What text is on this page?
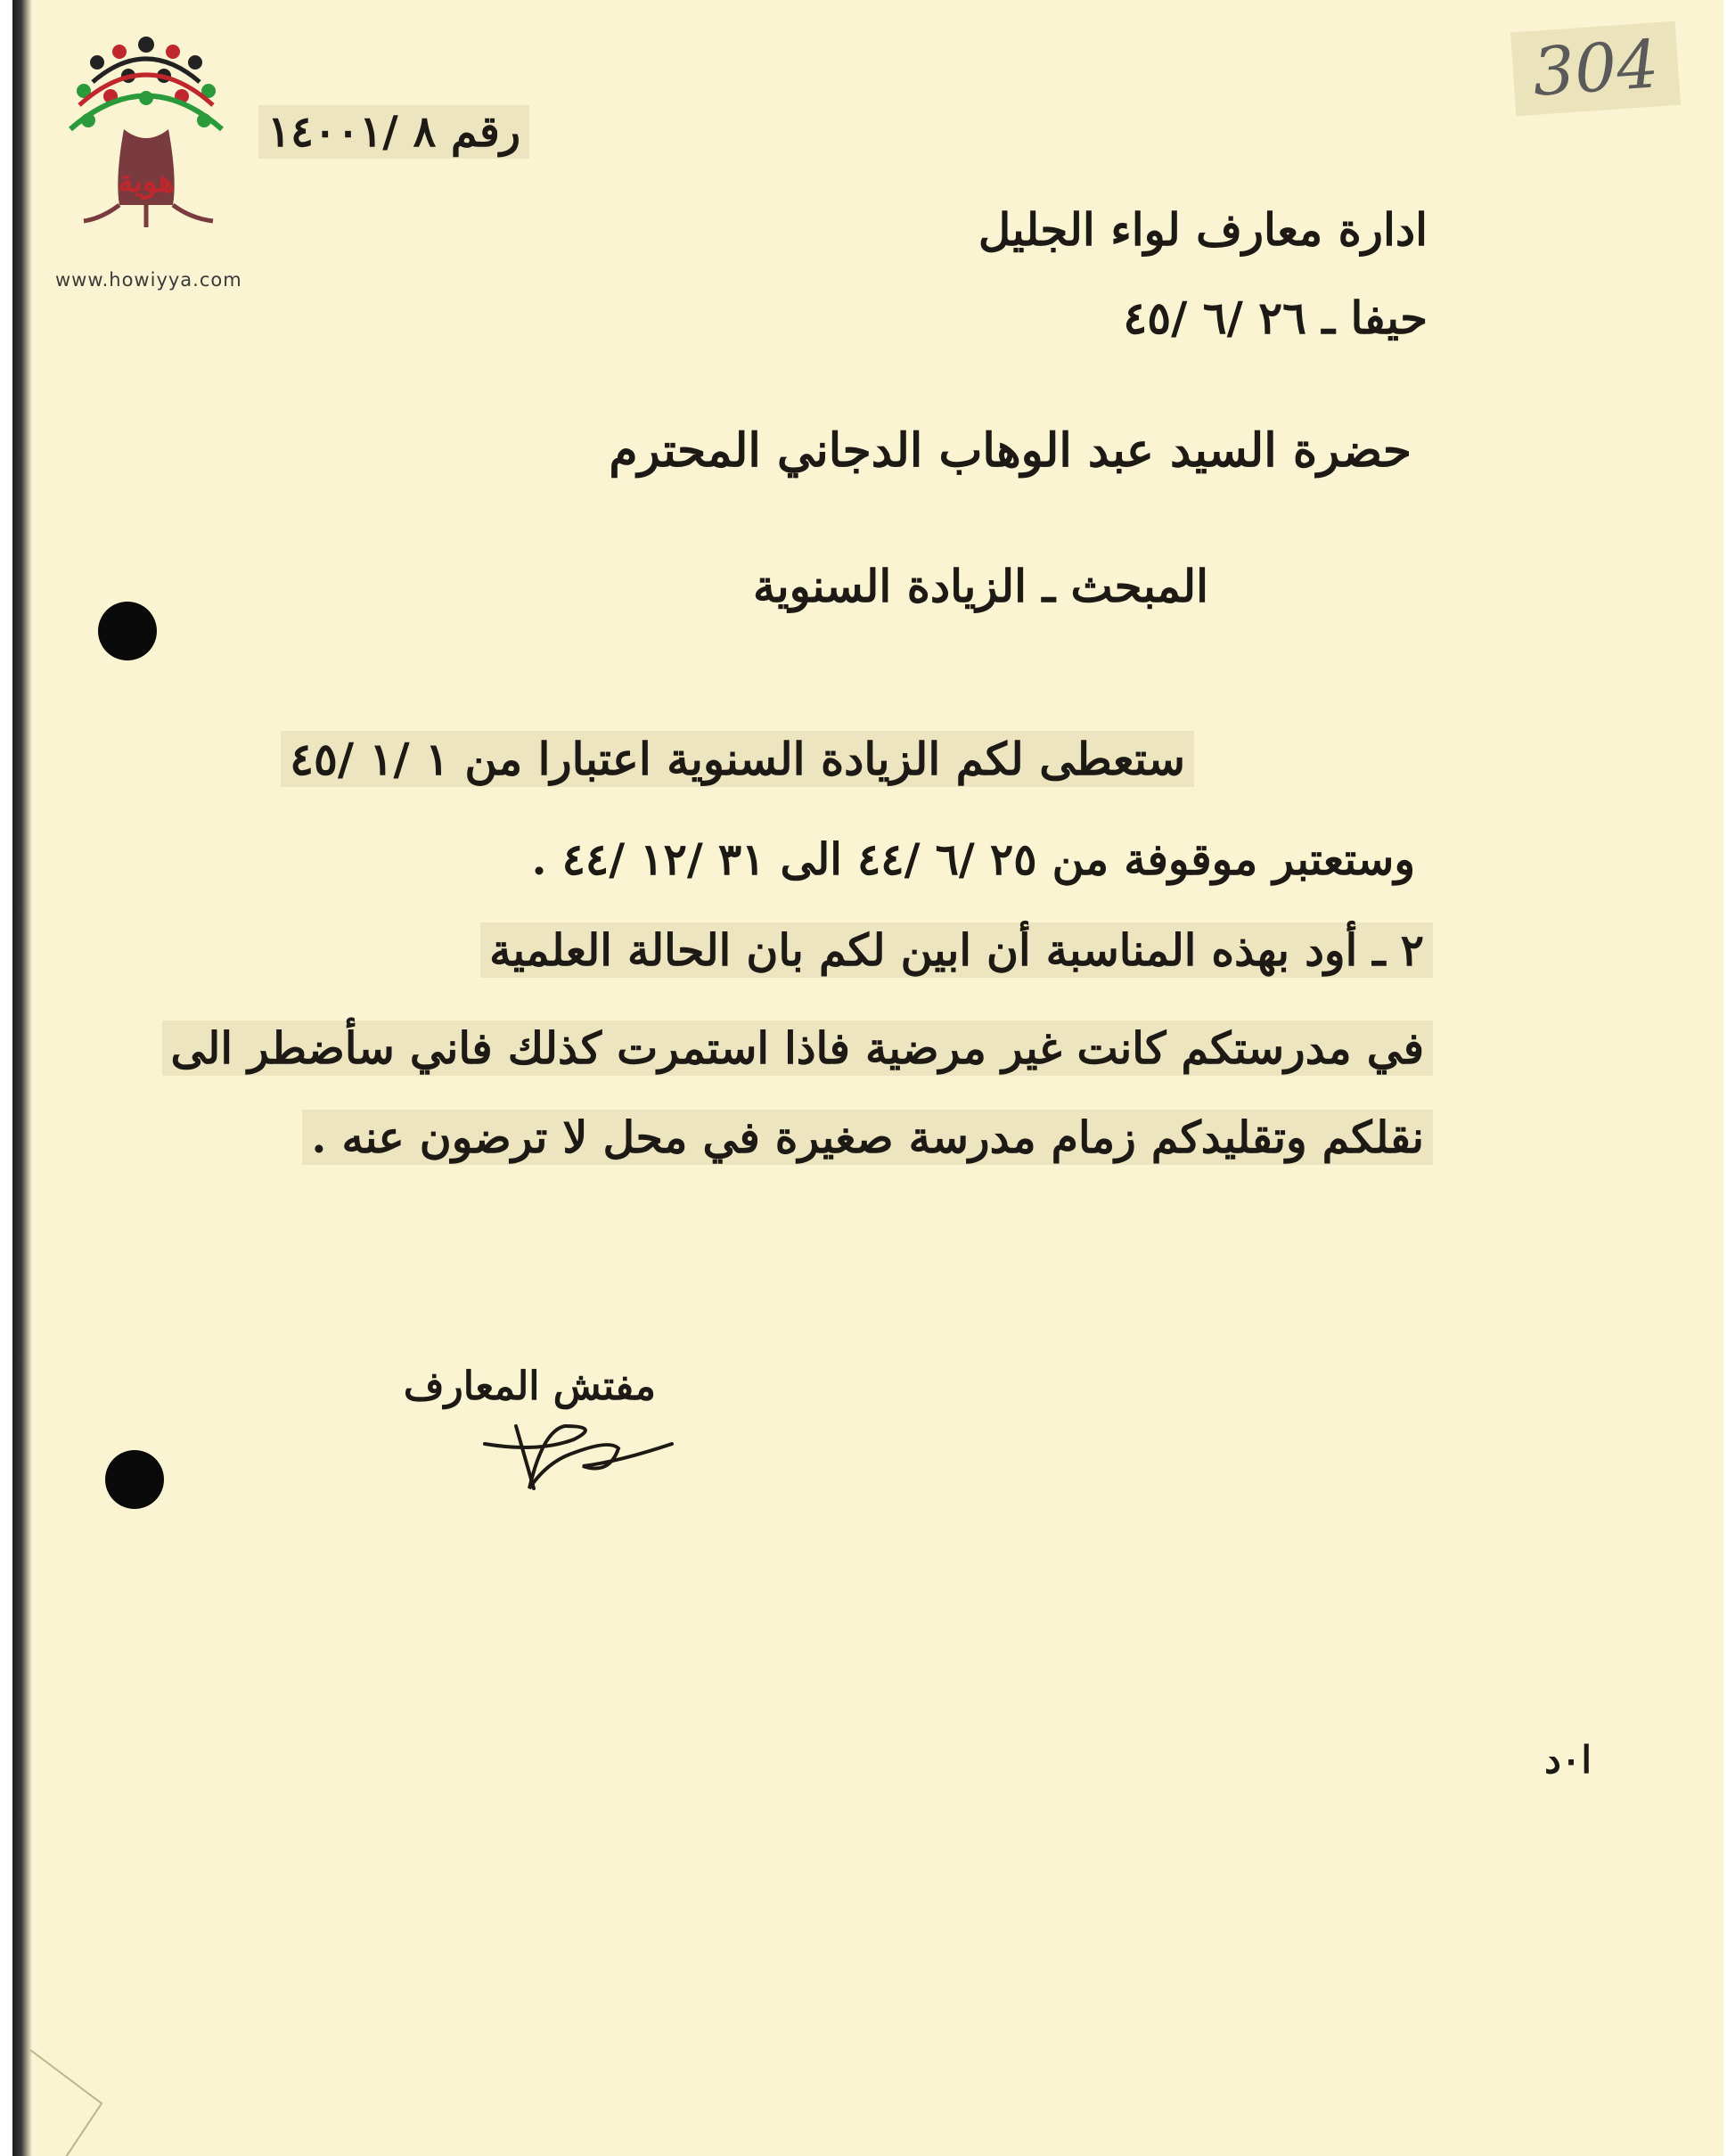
هوية
www.howiyya.com
304
رقم ٨ /١٤٠٠١
ادارة معارف لواء الجليل
حيفا ـ ٢٦ /٦ /٤٥
حضرة السيد عبد الوهاب الدجاني المحترم
المبحث ـ الزيادة السنوية
ستعطى لكم الزيادة السنوية اعتبارا من ١ /١ /٤٥
وستعتبر موقوفة من ٢٥ /٦ /٤٤ الى ٣١ /١٢ /٤٤ .
٢ ـ أود بهذه المناسبة أن ابين لكم بان الحالة العلمية
في مدرستكم كانت غير مرضية فاذا استمرت كذلك فاني سأضطر الى
نقلكم وتقليدكم زمام مدرسة صغيرة في محل لا ترضون عنه .
مفتش المعارف
ا٠د
